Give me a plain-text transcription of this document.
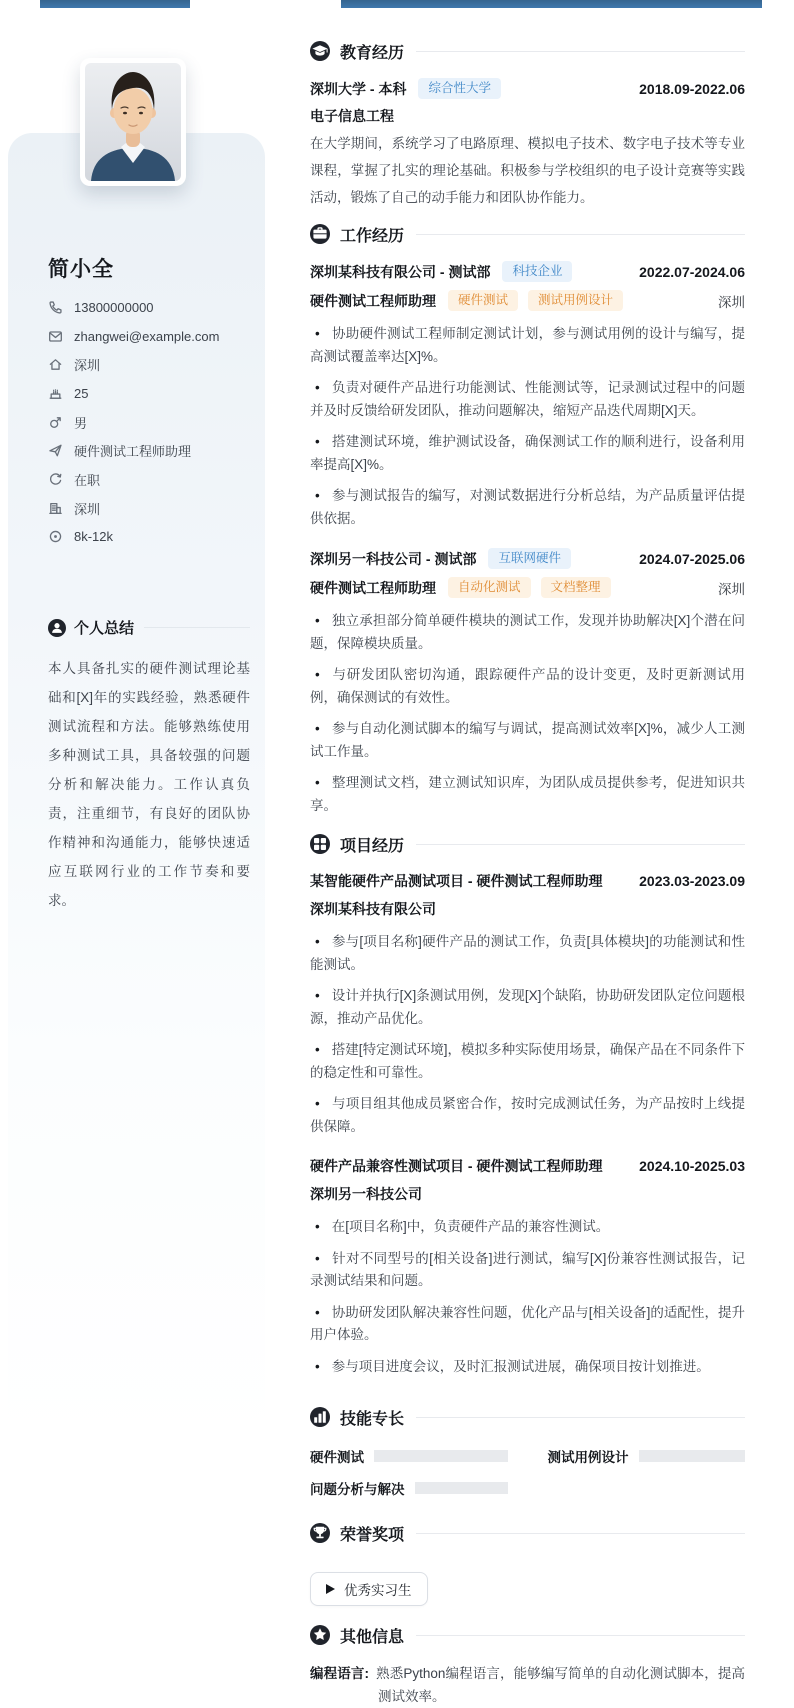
简小全
13800000000
zhangwei@example.com
深圳
25
男
硬件测试工程师助理
在职
深圳
8k-12k
个人总结

本人具备扎实的硬件测试理论基础和[X]年的实践经验，熟悉硬件测试流程和方法。能够熟练使用多种测试工具，具备较强的问题分析和解决能力。工作认真负责，注重细节，有良好的团队协作精神和沟通能力，能够快速适应互联网行业的工作节奏和要求。

教育经历
深圳大学 - 本科	综合性大学	2018.09-2022.06
电子信息工程

在大学期间，系统学习了电路原理、模拟电子技术、数字电子技术等专业课程，掌握了扎实的理论基础。积极参与学校组织的电子设计竞赛等实践活动，锻炼了自己的动手能力和团队协作能力。

工作经历
深圳某科技有限公司 - 测试部	科技企业	2022.07-2024.06
硬件测试工程师助理	硬件测试	测试用例设计	深圳
• 协助硬件测试工程师制定测试计划，参与测试用例的设计与编写，提高测试覆盖率达[X]%。
• 负责对硬件产品进行功能测试、性能测试等，记录测试过程中的问题并及时反馈给研发团队，推动问题解决，缩短产品迭代周期[X]天。
• 搭建测试环境，维护测试设备，确保测试工作的顺利进行，设备利用率提高[X]%。
• 参与测试报告的编写，对测试数据进行分析总结，为产品质量评估提供依据。
深圳另一科技公司 - 测试部	互联网硬件	2024.07-2025.06
硬件测试工程师助理	自动化测试	文档整理	深圳
• 独立承担部分简单硬件模块的测试工作，发现并协助解决[X]个潜在问题，保障模块质量。
• 与研发团队密切沟通，跟踪硬件产品的设计变更，及时更新测试用例，确保测试的有效性。
• 参与自动化测试脚本的编写与调试，提高测试效率[X]%，减少人工测试工作量。
• 整理测试文档，建立测试知识库，为团队成员提供参考，促进知识共享。
项目经历
某智能硬件产品测试项目 - 硬件测试工程师助理	2023.03-2023.09
深圳某科技有限公司
• 参与[项目名称]硬件产品的测试工作，负责[具体模块]的功能测试和性能测试。
• 设计并执行[X]条测试用例，发现[X]个缺陷，协助研发团队定位问题根源，推动产品优化。
• 搭建[特定测试环境]，模拟多种实际使用场景，确保产品在不同条件下的稳定性和可靠性。
• 与项目组其他成员紧密合作，按时完成测试任务，为产品按时上线提供保障。
硬件产品兼容性测试项目 - 硬件测试工程师助理	2024.10-2025.03
深圳另一科技公司
• 在[项目名称]中，负责硬件产品的兼容性测试。
• 针对不同型号的[相关设备]进行测试，编写[X]份兼容性测试报告，记录测试结果和问题。
• 协助研发团队解决兼容性问题，优化产品与[相关设备]的适配性，提升用户体验。
• 参与项目进度会议，及时汇报测试进展，确保项目按计划推进。
技能专长
硬件测试	测试用例设计
问题分析与解决
荣誉奖项
优秀实习生
其他信息

编程语言: 熟悉Python编程语言，能够编写简单的自动化测试脚本，提高测试效率。
